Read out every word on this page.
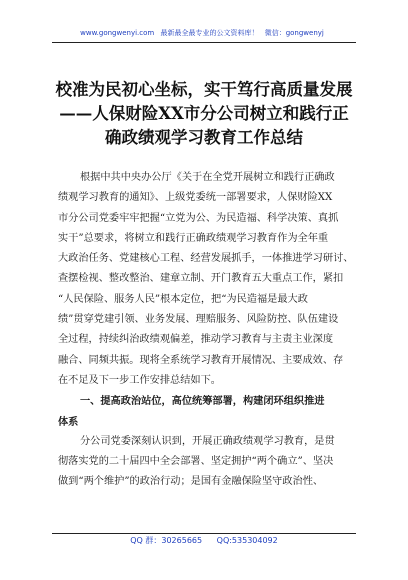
www.gongwenyi.com 最新最全最专业的公文资料库！ 微信：gongwenyj
校准为民初心坐标，实干笃行高质量发展
——人保财险XX市分公司树立和践行正
确政绩观学习教育工作总结
根据中共中央办公厅《关于在全党开展树立和践行正确政
绩观学习教育的通知》、上级党委统一部署要求，人保财险XX
市分公司党委牢牢把握“立党为公、为民造福、科学决策、真抓
实干”总要求，将树立和践行正确政绩观学习教育作为全年重
大政治任务、党建核心工程、经营发展抓手，一体推进学习研讨、
查摆检视、整改整治、建章立制、开门教育五大重点工作，紧扣
“人民保险、服务人民”根本定位，把“为民造福是最大政
绩”贯穿党建引领、业务发展、理赔服务、风险防控、队伍建设
全过程，持续纠治政绩观偏差，推动学习教育与主责主业深度
融合、同频共振。现将全系统学习教育开展情况、主要成效、存
在不足及下一步工作安排总结如下。
一、提高政治站位，高位统筹部署，构建闭环组织推进
体系
分公司党委深刻认识到，开展正确政绩观学习教育，是贯
彻落实党的二十届四中全会部署、坚定拥护“两个确立”、坚决
做到“两个维护”的政治行动；是国有金融保险坚守政治性、
QQ 群：30265665 QQ:535304092
